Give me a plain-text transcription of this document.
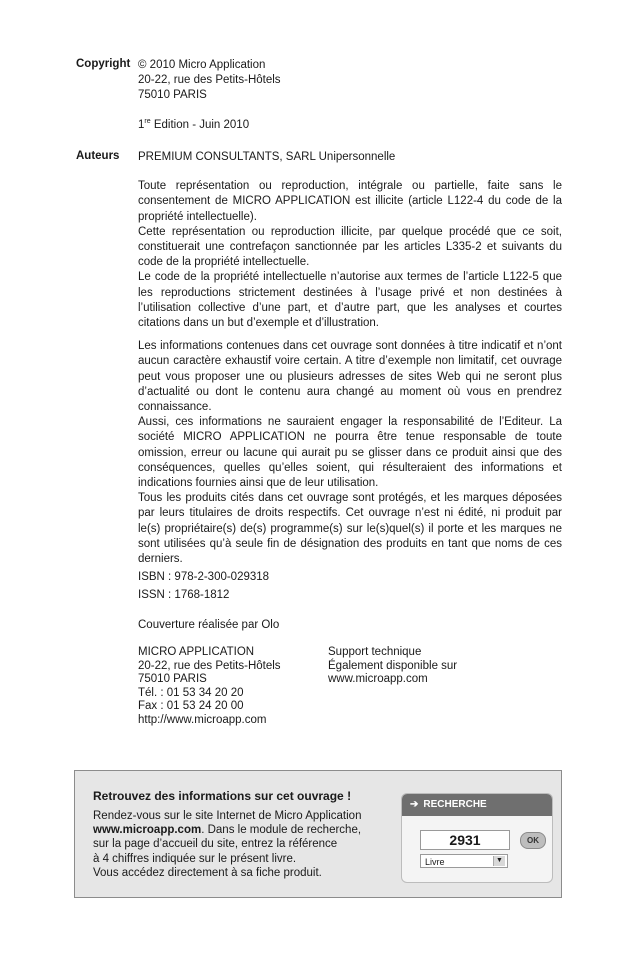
Copyright © 2010 Micro Application

20-22, rue des Petits-Hôtels

75010 PARIS

1re Edition - Juin 2010

Auteurs PREMIUM CONSULTANTS, SARL Unipersonnelle

Toute représentation ou reproduction, intégrale ou partielle, faite sans le consentement de MICRO APPLICATION est illicite (article L122-4 du code de la propriété intellectuelle).

Cette représentation ou reproduction illicite, par quelque procédé que ce soit, constituerait une contrefaçon sanctionnée par les articles L335-2 et suivants du code de la propriété intellectuelle.

Le code de la propriété intellectuelle n’autorise aux termes de l’article L122-5 que les reproductions strictement destinées à l’usage privé et non destinées à l’utilisation collective d’une part, et d’autre part, que les analyses et courtes citations dans un but d’exemple et d’illustration.

Les informations contenues dans cet ouvrage sont données à titre indicatif et n’ont aucun caractère exhaustif voire certain. A titre d’exemple non limitatif, cet ouvrage peut vous proposer une ou plusieurs adresses de sites Web qui ne seront plus d’actualité ou dont le contenu aura changé au moment où vous en prendrez connaissance.

Aussi, ces informations ne sauraient engager la responsabilité de l’Editeur. La société MICRO APPLICATION ne pourra être tenue responsable de toute omission, erreur ou lacune qui aurait pu se glisser dans ce produit ainsi que des conséquences, quelles qu’elles soient, qui résulteraient des informations et indications fournies ainsi que de leur utilisation.

Tous les produits cités dans cet ouvrage sont protégés, et les marques déposées par leurs titulaires de droits respectifs. Cet ouvrage n’est ni édité, ni produit par le(s) propriétaire(s) de(s) programme(s) sur le(s)quel(s) il porte et les marques ne sont utilisées qu’à seule fin de désignation des produits en tant que noms de ces derniers.

ISBN : 978-2-300-029318

ISSN : 1768-1812

Couverture réalisée par Olo

MICRO APPLICATION
20-22, rue des Petits-Hôtels
75010 PARIS
Tél. : 01 53 34 20 20
Fax : 01 53 24 20 00
http://www.microapp.com
Support technique
Également disponible sur
www.microapp.com
Retrouvez des informations sur cet ouvrage !
Rendez-vous sur le site Internet de Micro Application
www.microapp.com. Dans le module de recherche,
sur la page d’accueil du site, entrez la référence
à 4 chiffres indiquée sur le présent livre.
Vous accédez directement à sa fiche produit.
➔ RECHERCHE
2931	OK
Livre	▼
